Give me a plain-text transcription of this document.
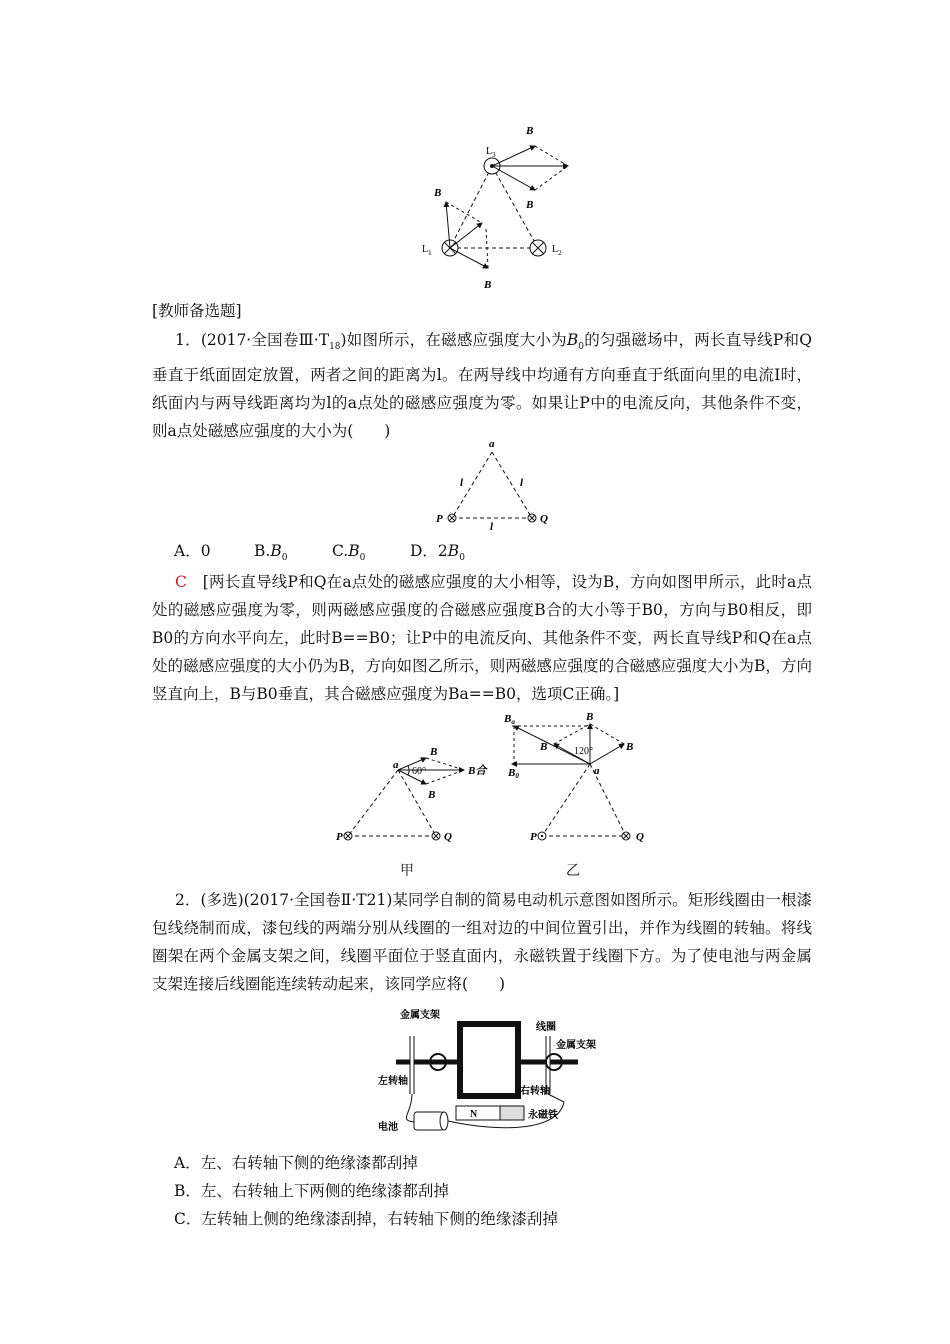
B
B
B
B
$L_3$
$L_1$	$L_2$

[教师备选题]

1．(2017·全国卷$Ⅲ\cdot T_{18}$)如图所示，在磁感应强度大小为$B_0$的匀强磁场中，两长直导线P和Q垂直于纸面固定放置，两者之间的距离为l。在两导线中均通有方向垂直于纸面向里的电流I时，纸面内与两导线距离均为l的a点处的磁感应强度为零。如果让P中的电流反向，其他条件不变，则a点处磁感应强度的大小为(　　)

a
l	l
l
P	Q

A．0	$B.B_0$	$C.B_0$	D．$2B_0$

C　 [两长直导线P和Q在a点处的磁感应强度的大小相等，设为B，方向如图甲所示，此时a点处的磁感应强度为零，则两磁感应强度的合磁感应强度B合的大小等于B0，方向与B0相反，即B0的方向水平向左，此时B==B0；让P中的电流反向、其他条件不变，两长直导线P和Q在a点处的磁感应强度的大小仍为B，方向如图乙所示，则两磁感应强度的合磁感应强度大小为B，方向竖直向上，B与B0垂直，其合磁感应强度为Ba==B0，选项C正确。]

a
B
B
B合
60°
P	Q
甲
Ba	B
B	B
120°
a
B0
P	Q
乙

2．(多选)(2017·全国卷Ⅱ·T21)某同学自制的简易电动机示意图如图所示。矩形线圈由一根漆包线绕制而成，漆包线的两端分别从线圈的一组对边的中间位置引出，并作为线圈的转轴。将线圈架在两个金属支架之间，线圈平面位于竖直面内，永磁铁置于线圈下方。为了使电池与两金属支架连接后线圈能连续转动起来，该同学应将(　　)

N
金属支架
线圈
金属支架
左转轴
右转轴
永磁铁
电池

A．左、右转轴下侧的绝缘漆都刮掉

B．左、右转轴上下两侧的绝缘漆都刮掉

C．左转轴上侧的绝缘漆刮掉，右转轴下侧的绝缘漆刮掉
